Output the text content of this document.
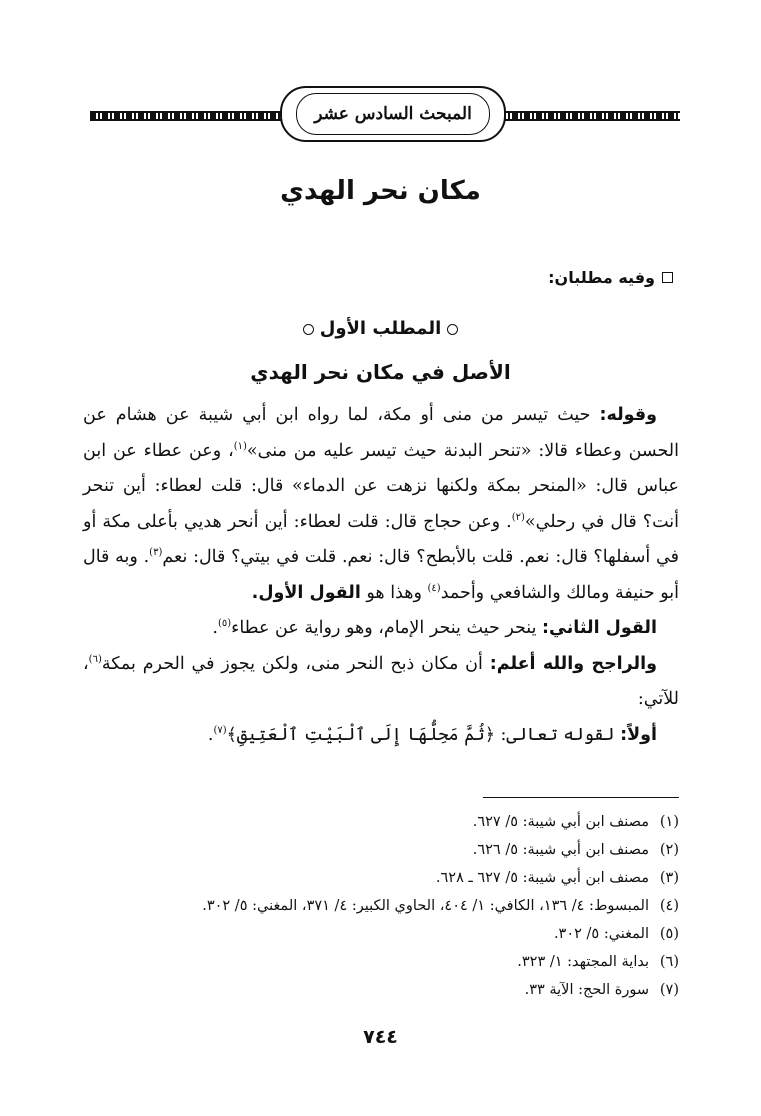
المبحث السادس عشر
مكان نحر الهدي
وفيه مطلبان:
المطلب الأول
الأصل في مكان نحر الهدي

وقوله: حيث تيسر من منى أو مكة، لما رواه ابن أبي شيبة عن هشام عن الحسن وعطاء قالا: «تنحر البدنة حيث تيسر عليه من منى»$^{(١)}$، وعن عطاء عن ابن عباس قال: «المنحر بمكة ولكنها نزهت عن الدماء» قال: قلت لعطاء: أين تنحر أنت؟ قال في رحلي»$^{(٢)}$. وعن حجاج قال: قلت لعطاء: أين أنحر هديي بأعلى مكة أو في أسفلها؟ قال: نعم. قلت بالأبطح؟ قال: نعم. قلت في بيتي؟ قال: نعم$^{(٣)}$. وبه قال أبو حنيفة ومالك والشافعي وأحمد$^{(٤)}$ وهذا هو القول الأول.

القول الثاني: ينحر حيث ينحر الإمام، وهو رواية عن عطاء$^{(٥)}$.

والراجح والله أعلم: أن مكان ذبح النحر منى، ولكن يجوز في الحرم بمكة$^{(٦)}$، للآتي:

أولاً: لقوله تعالى: ﴿ثُمَّ مَحِلُّهَا إِلَى ٱلْبَيْتِ ٱلْعَتِيقِ﴾$^{(٧)}$.

(١)مصنف ابن أبي شيبة: ٥/ ٦٢٧.
(٢)مصنف ابن أبي شيبة: ٥/ ٦٢٦.
(٣)مصنف ابن أبي شيبة: ٥/ ٦٢٧ ـ ٦٢٨.
(٤)المبسوط: ٤/ ١٣٦، الكافي: ١/ ٤٠٤، الحاوي الكبير: ٤/ ٣٧١، المغني: ٥/ ٣٠٢.
(٥)المغني: ٥/ ٣٠٢.
(٦)بداية المجتهد: ١/ ٣٢٣.
(٧)سورة الحج: الآية ٣٣.
٧٤٤
